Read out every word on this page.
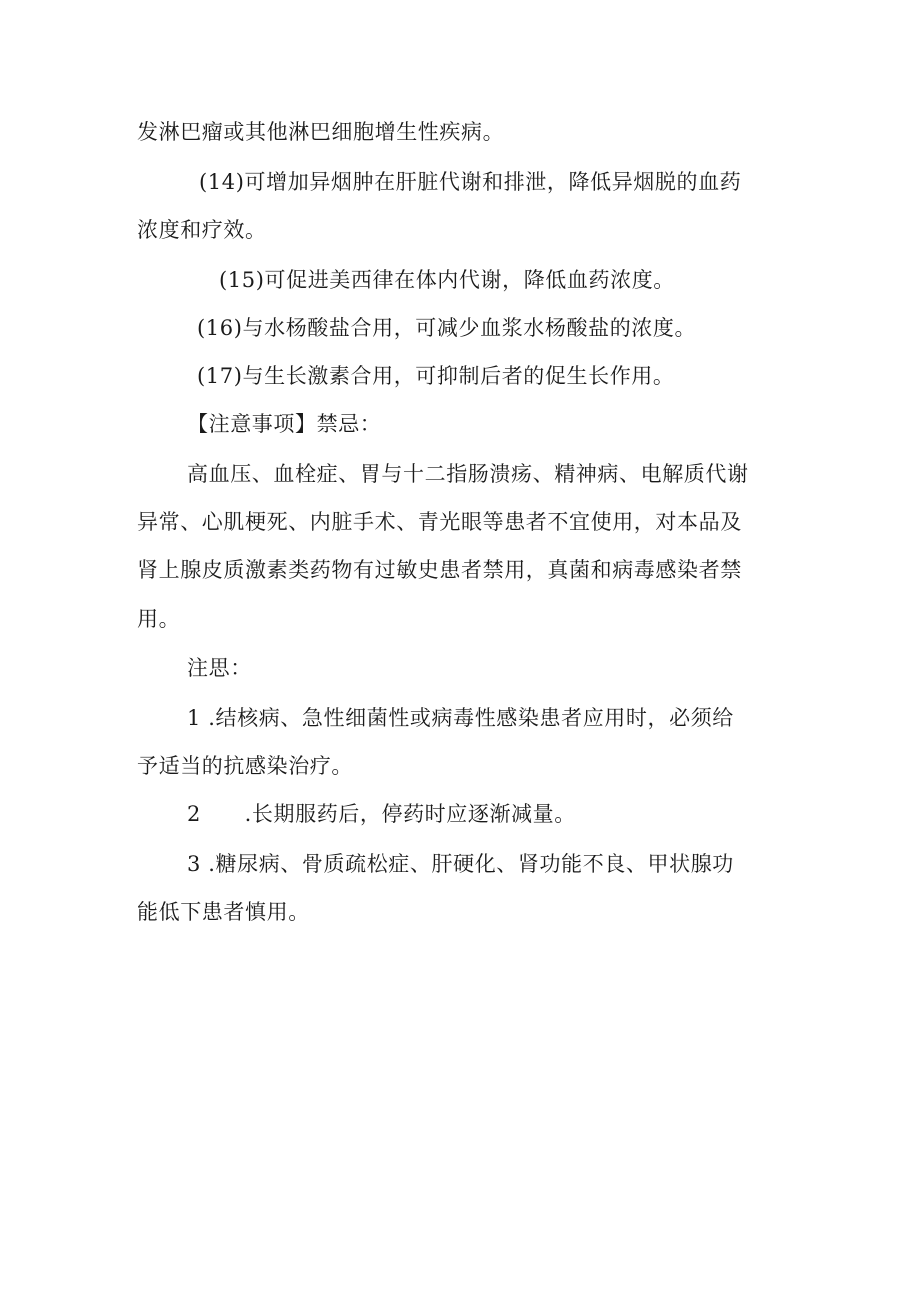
发淋巴瘤或其他淋巴细胞增生性疾病。

(14)可增加异烟肿在肝脏代谢和排泄，降低异烟脱的血药

浓度和疗效。

(15)可促进美西律在体内代谢，降低血药浓度。

(16)与水杨酸盐合用，可减少血浆水杨酸盐的浓度。

(17)与生长激素合用，可抑制后者的促生长作用。

【注意事项】禁忌：

高血压、血栓症、胃与十二指肠溃疡、精神病、电解质代谢

异常、心肌梗死、内脏手术、青光眼等患者不宜使用，对本品及

肾上腺皮质激素类药物有过敏史患者禁用，真菌和病毒感染者禁

用。

注思：

1 .结核病、急性细菌性或病毒性感染患者应用时，必须给

予适当的抗感染治疗。

2      .长期服药后，停药时应逐渐减量。

3 .糖尿病、骨质疏松症、肝硬化、肾功能不良、甲状腺功

能低下患者慎用。
